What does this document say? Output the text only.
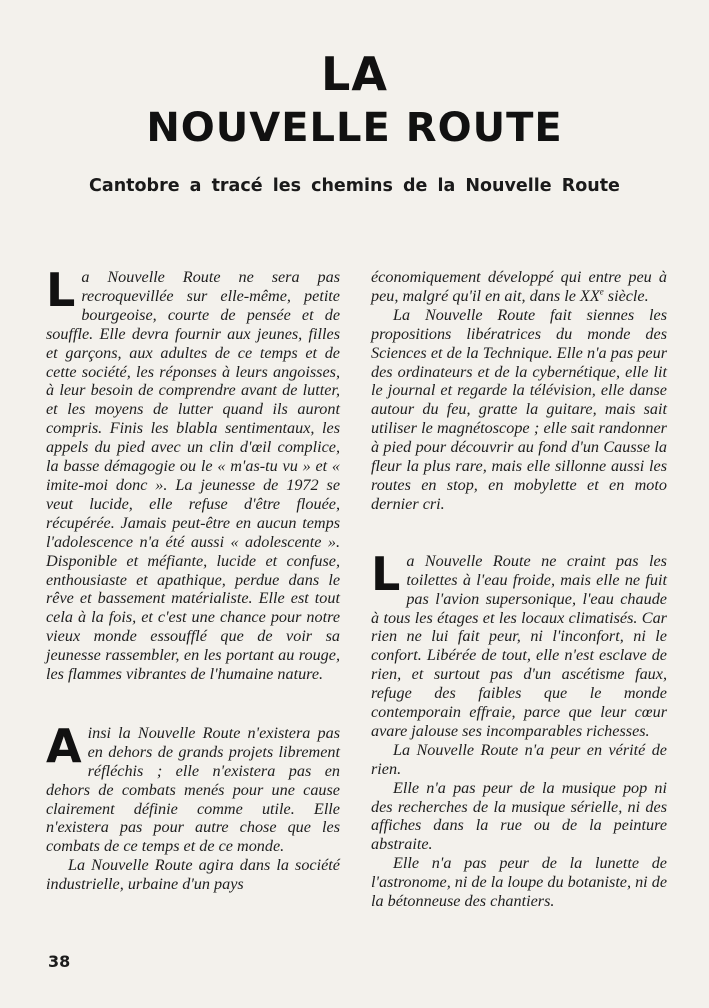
LA
NOUVELLE ROUTE
Cantobre a tracé les chemins de la Nouvelle Route

La Nouvelle Route ne sera pas recroquevillée sur elle-même, petite bourgeoise, courte de pensée et de souffle. Elle devra fournir aux jeunes, filles et garçons, aux adultes de ce temps et de cette société, les réponses à leurs angoisses, à leur besoin de comprendre avant de lutter, et les moyens de lutter quand ils auront compris. Finis les blabla sentimentaux, les appels du pied avec un clin d'œil complice, la basse démagogie ou le « m'as-tu vu » et « imite-moi donc ». La jeunesse de 1972 se veut lucide, elle refuse d'être flouée, récupérée. Jamais peut-être en aucun temps l'adolescence n'a été aussi « adolescente ». Disponible et méfiante, lucide et confuse, enthousiaste et apathique, perdue dans le rêve et bassement matérialiste. Elle est tout cela à la fois, et c'est une chance pour notre vieux monde essoufflé que de voir sa jeunesse rassembler, en les portant au rouge, les flammes vibrantes de l'humaine nature.

Ainsi la Nouvelle Route n'existera pas en dehors de grands projets librement réfléchis ; elle n'existera pas en dehors de combats menés pour une cause clairement définie comme utile. Elle n'existera pas pour autre chose que les combats de ce temps et de ce monde.

La Nouvelle Route agira dans la société industrielle, urbaine d'un pays

économiquement développé qui entre peu à peu, malgré qu'il en ait, dans le XXe siècle.

La Nouvelle Route fait siennes les propositions libératrices du monde des Sciences et de la Technique. Elle n'a pas peur des ordinateurs et de la cybernétique, elle lit le journal et regarde la télévision, elle danse autour du feu, gratte la guitare, mais sait utiliser le magnétoscope ; elle sait randonner à pied pour découvrir au fond d'un Causse la fleur la plus rare, mais elle sillonne aussi les routes en stop, en mobylette et en moto dernier cri.

La Nouvelle Route ne craint pas les toilettes à l'eau froide, mais elle ne fuit pas l'avion supersonique, l'eau chaude à tous les étages et les locaux climatisés. Car rien ne lui fait peur, ni l'inconfort, ni le confort. Libérée de tout, elle n'est esclave de rien, et surtout pas d'un ascétisme faux, refuge des faibles que le monde contemporain effraie, parce que leur cœur avare jalouse ses incomparables richesses.

La Nouvelle Route n'a peur en vérité de rien.

Elle n'a pas peur de la musique pop ni des recherches de la musique sérielle, ni des affiches dans la rue ou de la peinture abstraite.

Elle n'a pas peur de la lunette de l'astronome, ni de la loupe du botaniste, ni de la bétonneuse des chantiers.

38
